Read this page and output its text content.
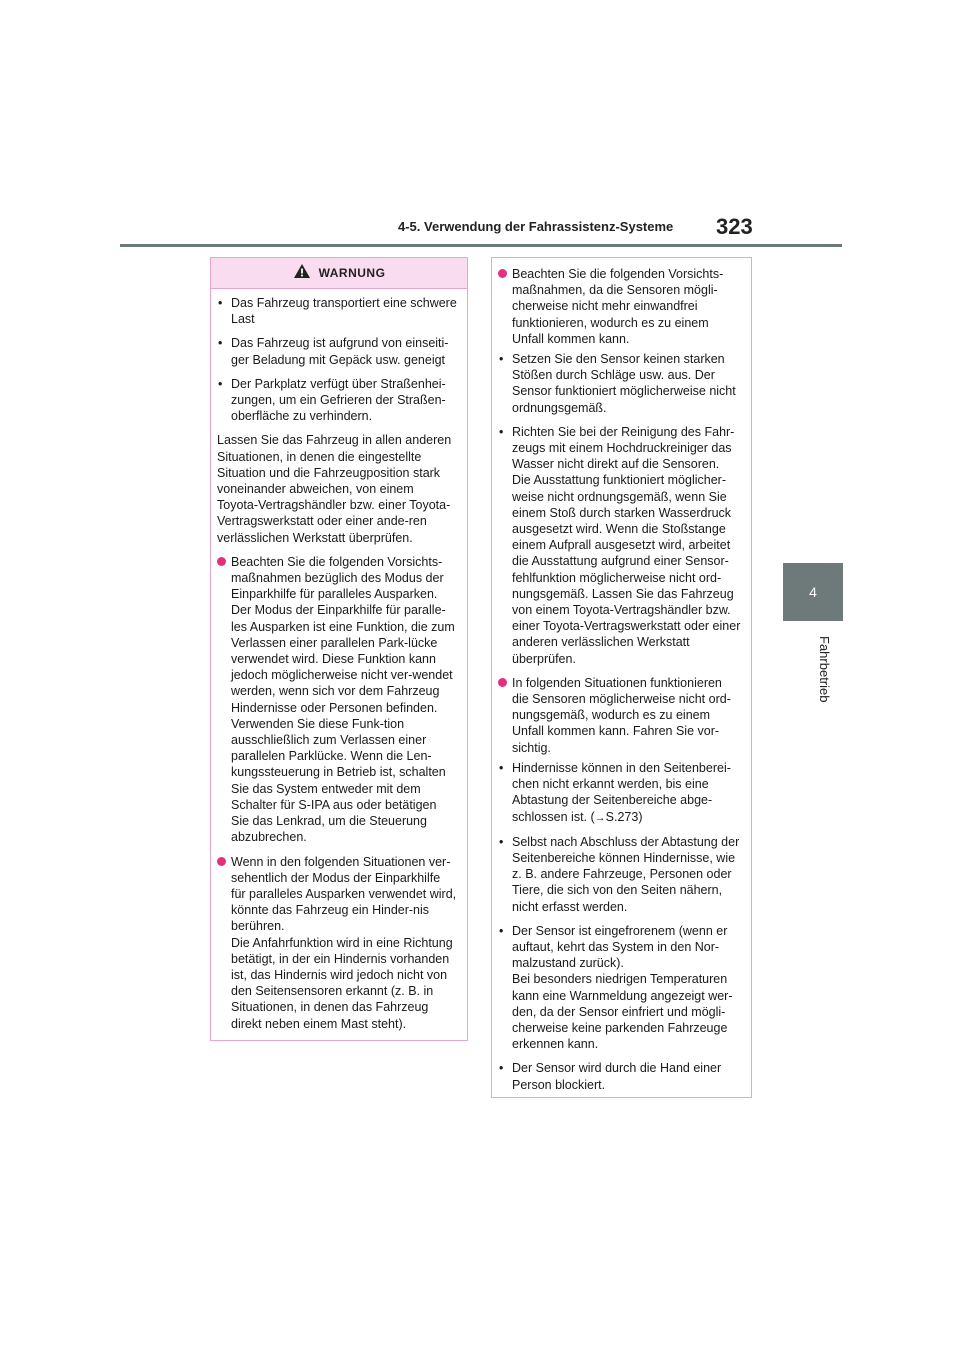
4-5. Verwendung der Fahrassistenz-Systeme 323
4
Fahrbetrieb
WARNUNG
• Das Fahrzeug transportiert eine schwere Last
• Das Fahrzeug ist aufgrund von einseiti-ger Beladung mit Gepäck usw. geneigt
• Der Parkplatz verfügt über Straßenhei-zungen, um ein Gefrieren der Straßen-oberfläche zu verhindern.
Lassen Sie das Fahrzeug in allen anderen Situationen, in denen die eingestellte Situation und die Fahrzeugposition stark voneinander abweichen, von einem Toyota-Vertragshändler bzw. einer Toyota-Vertragswerkstatt oder einer ande-ren verlässlichen Werkstatt überprüfen.
Beachten Sie die folgenden Vorsichts-maßnahmen bezüglich des Modus der Einparkhilfe für paralleles Ausparken. Der Modus der Einparkhilfe für paralle-les Ausparken ist eine Funktion, die zum Verlassen einer parallelen Park-lücke verwendet wird. Diese Funktion kann jedoch möglicherweise nicht ver-wendet werden, wenn sich vor dem Fahrzeug Hindernisse oder Personen befinden. Verwenden Sie diese Funk-tion ausschließlich zum Verlassen einer parallelen Parklücke. Wenn die Len-kungssteuerung in Betrieb ist, schalten Sie das System entweder mit dem Schalter für S-IPA aus oder betätigen Sie das Lenkrad, um die Steuerung abzubrechen.
Wenn in den folgenden Situationen ver-sehentlich der Modus der Einparkhilfe für paralleles Ausparken verwendet wird, könnte das Fahrzeug ein Hinder-nis berühren.
Die Anfahrfunktion wird in eine Richtung betätigt, in der ein Hindernis vorhanden ist, das Hindernis wird jedoch nicht von den Seitensensoren erkannt (z. B. in Situationen, in denen das Fahrzeug direkt neben einem Mast steht).
Beachten Sie die folgenden Vorsichts-maßnahmen, da die Sensoren mögli-cherweise nicht mehr einwandfrei funktionieren, wodurch es zu einem Unfall kommen kann.
• Setzen Sie den Sensor keinen starken Stößen durch Schläge usw. aus. Der Sensor funktioniert möglicherweise nicht ordnungsgemäß.
• Richten Sie bei der Reinigung des Fahr-zeugs mit einem Hochdruckreiniger das Wasser nicht direkt auf die Sensoren. Die Ausstattung funktioniert möglicher-weise nicht ordnungsgemäß, wenn Sie einem Stoß durch starken Wasserdruck ausgesetzt wird. Wenn die Stoßstange einem Aufprall ausgesetzt wird, arbeitet die Ausstattung aufgrund einer Sensor-fehlfunktion möglicherweise nicht ord-nungsgemäß. Lassen Sie das Fahrzeug von einem Toyota-Vertragshändler bzw. einer Toyota-Vertragswerkstatt oder einer anderen verlässlichen Werkstatt überprüfen.
In folgenden Situationen funktionieren die Sensoren möglicherweise nicht ord-nungsgemäß, wodurch es zu einem Unfall kommen kann. Fahren Sie vor-sichtig.
• Hindernisse können in den Seitenberei-chen nicht erkannt werden, bis eine Abtastung der Seitenbereiche abge-schlossen ist. (→S.273)
• Selbst nach Abschluss der Abtastung der Seitenbereiche können Hindernisse, wie z. B. andere Fahrzeuge, Personen oder Tiere, die sich von den Seiten nähern, nicht erfasst werden.
• Der Sensor ist eingefrorenem (wenn er auftaut, kehrt das System in den Nor-malzustand zurück).
Bei besonders niedrigen Temperaturen kann eine Warnmeldung angezeigt wer-den, da der Sensor einfriert und mögli-cherweise keine parkenden Fahrzeuge erkennen kann.
• Der Sensor wird durch die Hand einer Person blockiert.
